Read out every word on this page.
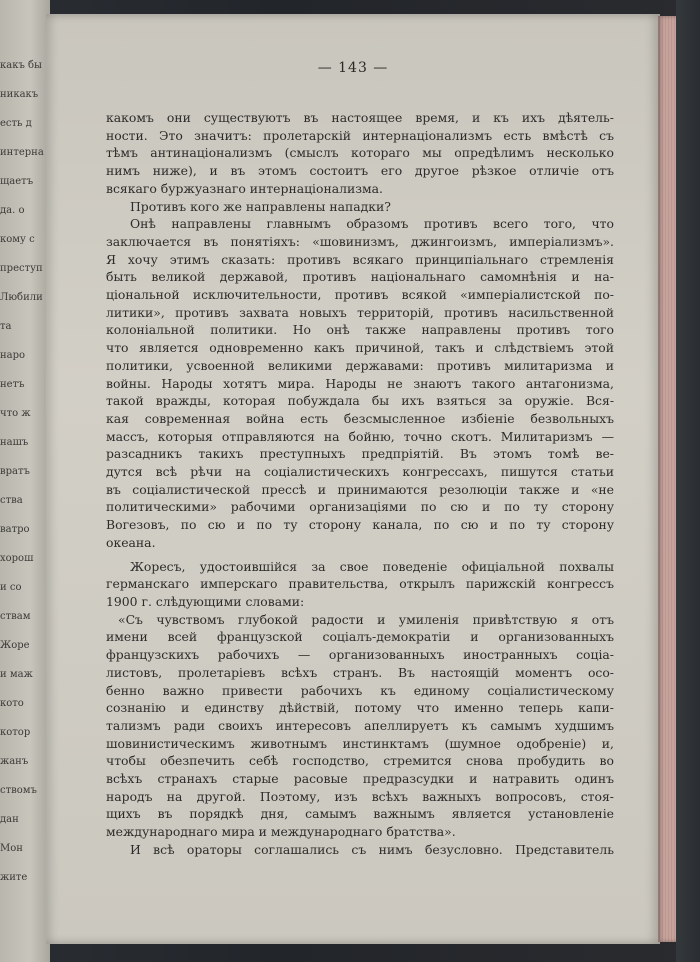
какъ бы
никакъ
есть д
интерна
щаетъ
да. о
кому с
преступ
Любили
та
наро
нетъ
что ж
нашъ
вратъ
ства
ватро
хорош
и со
ствам
Жоре
и маж
кото
котор
жанъ
ствомъ
дан
Мон
жите
— 143 —
какомъ они существуютъ въ настоящее время, и къ ихъ дѣятель-
ности. Это значитъ: пролетарскій интернаціонализмъ есть вмѣстѣ съ
тѣмъ антинаціонализмъ (смыслъ котораго мы опредѣлимъ несколько
нимъ ниже), и въ этомъ состоитъ его другое рѣзкое отличіе отъ
всякаго буржуазнаго интернаціонализма.
Противъ кого же направлены нападки?
Онѣ направлены главнымъ образомъ противъ всего того, что
заключается въ понятіяхъ: «шовинизмъ, джингоизмъ, имперіализмъ».
Я хочу этимъ сказать: противъ всякаго принципіальнаго стремленія
быть великой державой, противъ національнаго самомнѣнія и на-
ціональной исключительности, противъ всякой «имперіалистской по-
литики», противъ захвата новыхъ территорій, противъ насильственной
колоніальной политики. Но онѣ также направлены противъ того
что является одновременно какъ причиной, такъ и слѣдствіемъ этой
политики, усвоенной великими державами: противъ милитаризма и
войны. Народы хотятъ мира. Народы не знаютъ такого антагонизма,
такой вражды, которая побуждала бы ихъ взяться за оружіе. Вся-
кая современная война есть безсмысленное избіеніе безвольныхъ
массъ, которыя отправляются на бойню, точно скотъ. Милитаризмъ —
разсадникъ такихъ преступныхъ предпріятій. Въ этомъ томѣ ве-
дутся всѣ рѣчи на соціалистическихъ конгрессахъ, пишутся статьи
въ соціалистической прессѣ и принимаются резолюціи также и «не
политическими» рабочими организаціями по сю и по ту сторону
Вогезовъ, по сю и по ту сторону канала, по сю и по ту сторону
океана.
Жоресъ, удостоившійся за свое поведеніе офиціальной похвалы
германскаго имперскаго правительства, открылъ парижскій конгрессъ
1900 г. слѣдующими словами:
«Съ чувствомъ глубокой радости и умиленія привѣтствую я отъ
имени всей французской соціалъ-демократіи и организованныхъ
французскихъ рабочихъ — организованныхъ иностранныхъ соціа-
листовъ, пролетаріевъ всѣхъ странъ. Въ настоящій моментъ осо-
бенно важно привести рабочихъ къ единому соціалистическому
сознанію и единству дѣйствій, потому что именно теперь капи-
тализмъ ради своихъ интересовъ апеллируетъ къ самымъ худшимъ
шовинистическимъ животнымъ инстинктамъ (шумное одобреніе) и,
чтобы обезпечить себѣ господство, стремится снова пробудить во
всѣхъ странахъ старые расовые предразсудки и натравить одинъ
народъ на другой. Поэтому, изъ всѣхъ важныхъ вопросовъ, стоя-
щихъ въ порядкѣ дня, самымъ важнымъ является установленіе
международнаго мира и международнаго братства».
И всѣ ораторы соглашались съ нимъ безусловно. Представитель
